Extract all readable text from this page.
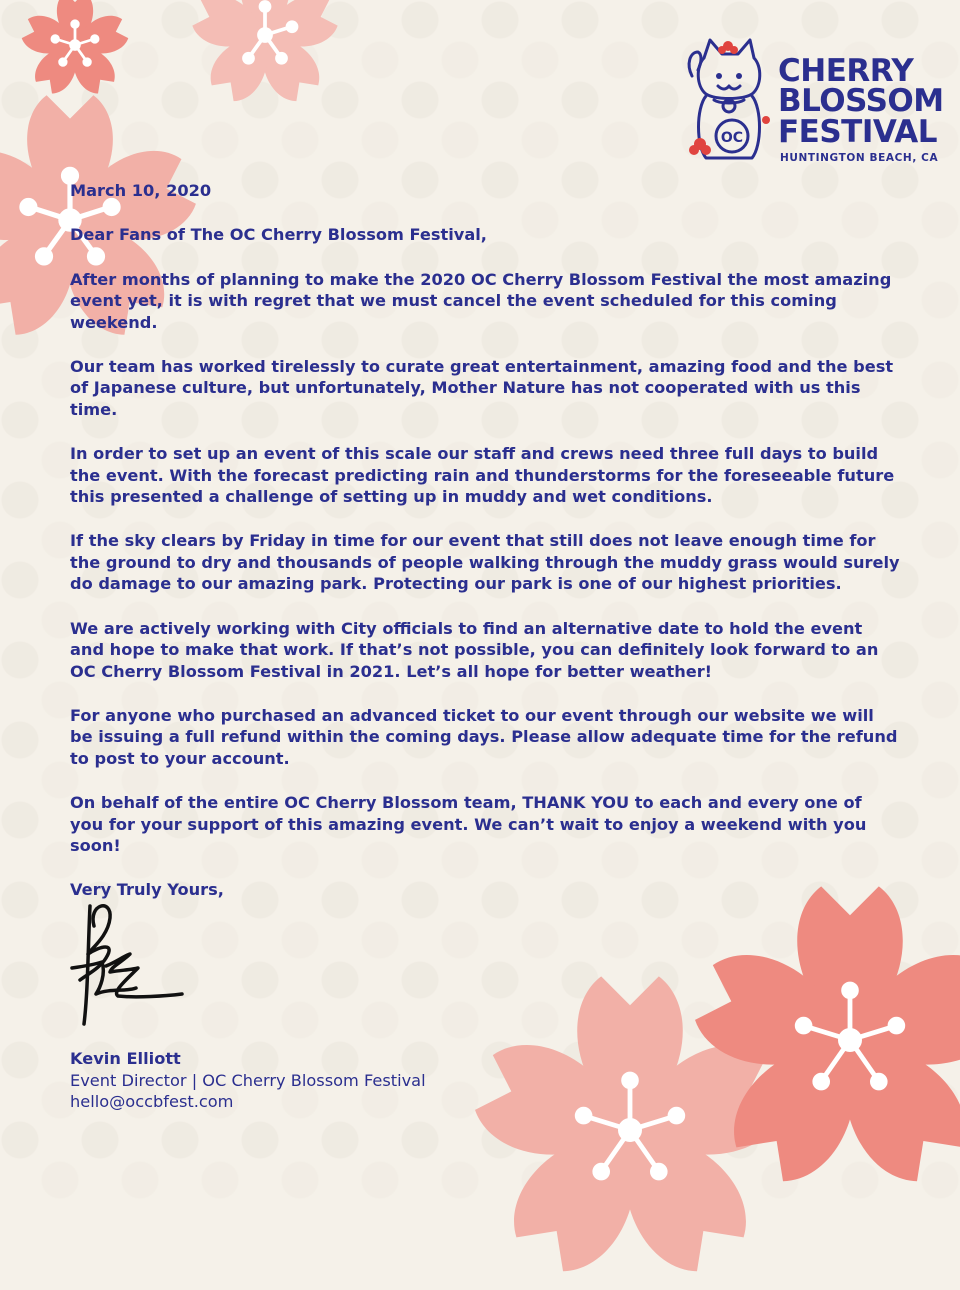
OC
CHERRY
BLOSSOM
FESTIVAL
HUNTINGTON BEACH, CA

March 10, 2020

Dear Fans of The OC Cherry Blossom Festival,

After months of planning to make the 2020 OC Cherry Blossom Festival the most amazing event yet, it is with regret that we must cancel the event scheduled for this coming weekend.

Our team has worked tirelessly to curate great entertainment, amazing food and the best of Japanese culture, but unfortunately, Mother Nature has not cooperated with us this time.

In order to set up an event of this scale our staff and crews need three full days to build the event. With the forecast predicting rain and thunderstorms for the foreseeable future this presented a challenge of setting up in muddy and wet conditions.

If the sky clears by Friday in time for our event that still does not leave enough time for the ground to dry and thousands of people walking through the muddy grass would surely do damage to our amazing park. Protecting our park is one of our highest priorities.

We are actively working with City officials to find an alternative date to hold the event and hope to make that work. If that’s not possible, you can definitely look forward to an OC Cherry Blossom Festival in 2021. Let’s all hope for better weather!

For anyone who purchased an advanced ticket to our event through our website we will be issuing a full refund within the coming days. Please allow adequate time for the refund to post to your account.

On behalf of the entire OC Cherry Blossom team, THANK YOU to each and every one of you for your support of this amazing event. We can’t wait to enjoy a weekend with you soon!

Very Truly Yours,

Kevin Elliott
Event Director | OC Cherry Blossom Festival
hello@occbfest.com
